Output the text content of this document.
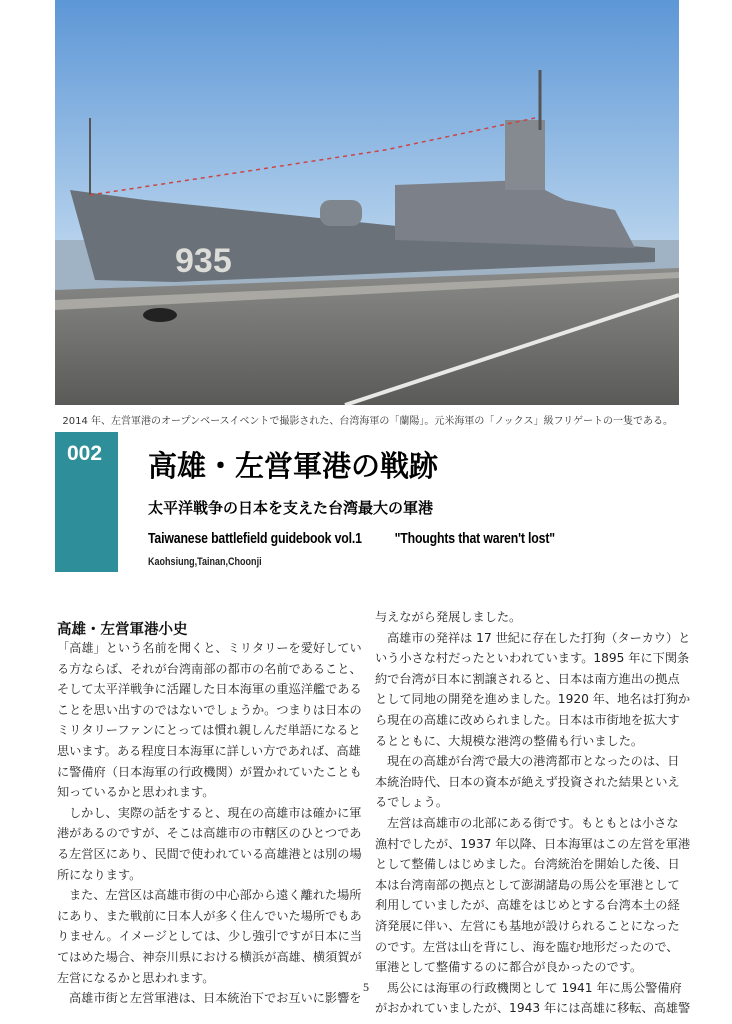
935
2014 年、左営軍港のオープンベースイベントで撮影された、台湾海軍の「蘭陽」。元米海軍の「ノックス」級フリゲートの一隻である。
002 高雄・左営軍港の戦跡
太平洋戦争の日本を支えた台湾最大の軍港
Taiwanese battlefield guidebook vol.1 "Thoughts that waren't lost"
Kaohsiung,Tainan,Choonji
高雄・左営軍港小史
「高雄」という名前を聞くと、ミリタリーを愛好してい
る方ならば、それが台湾南部の都市の名前であること、
そして太平洋戦争に活躍した日本海軍の重巡洋艦である
ことを思い出すのではないでしょうか。つまりは日本の
ミリタリーファンにとっては慣れ親しんだ単語になると
思います。ある程度日本海軍に詳しい方であれば、高雄
に警備府（日本海軍の行政機関）が置かれていたことも
知っているかと思われます。
しかし、実際の話をすると、現在の高雄市は確かに軍
港があるのですが、そこは高雄市の市轄区のひとつであ
る左営区にあり、民間で使われている高雄港とは別の場
所になります。
また、左営区は高雄市街の中心部から遠く離れた場所
にあり、また戦前に日本人が多く住んでいた場所でもあ
りません。イメージとしては、少し強引ですが日本に当
てはめた場合、神奈川県における横浜が高雄、横須賀が
左営になるかと思われます。
高雄市街と左営軍港は、日本統治下でお互いに影響を
与えながら発展しました。
高雄市の発祥は 17 世紀に存在した打狗（ターカウ）と
いう小さな村だったといわれています。1895 年に下関条
約で台湾が日本に割譲されると、日本は南方進出の拠点
として同地の開発を進めました。1920 年、地名は打狗か
ら現在の高雄に改められました。日本は市街地を拡大す
るとともに、大規模な港湾の整備も行いました。
現在の高雄が台湾で最大の港湾都市となったのは、日
本統治時代、日本の資本が絶えず投資された結果といえ
るでしょう。
左営は高雄市の北部にある街です。もともとは小さな
漁村でしたが、1937 年以降、日本海軍はこの左営を軍港
として整備しはじめました。台湾統治を開始した後、日
本は台湾南部の拠点として澎湖諸島の馬公を軍港として
利用していましたが、高雄をはじめとする台湾本土の経
済発展に伴い、左営にも基地が設けられることになった
のです。左営は山を背にし、海を臨む地形だったので、
軍港として整備するのに都合が良かったのです。
馬公には海軍の行政機関として 1941 年に馬公警備府
がおかれていましたが、1943 年には高雄に移転、高雄警
5
